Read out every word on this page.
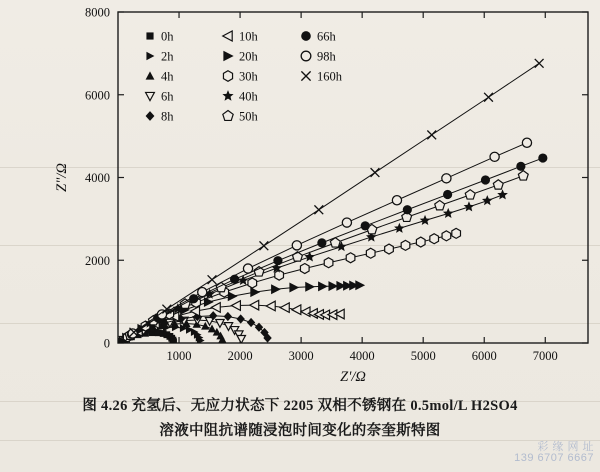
1000	2000	3000	4000	5000	6000	7000
0
2000
4000
6000
8000
Z'/Ω
Z"/Ω
0h	10h	66h
2h	20h	98h
4h	30h	160h
6h	40h
8h	50h
图 4.26 充氢后、无应力状态下 2205 双相不锈钢在 0.5mol/L H2SO4
溶液中阻抗谱随浸泡时间变化的奈奎斯特图
彩 缘 网 址
139 6707 6667
